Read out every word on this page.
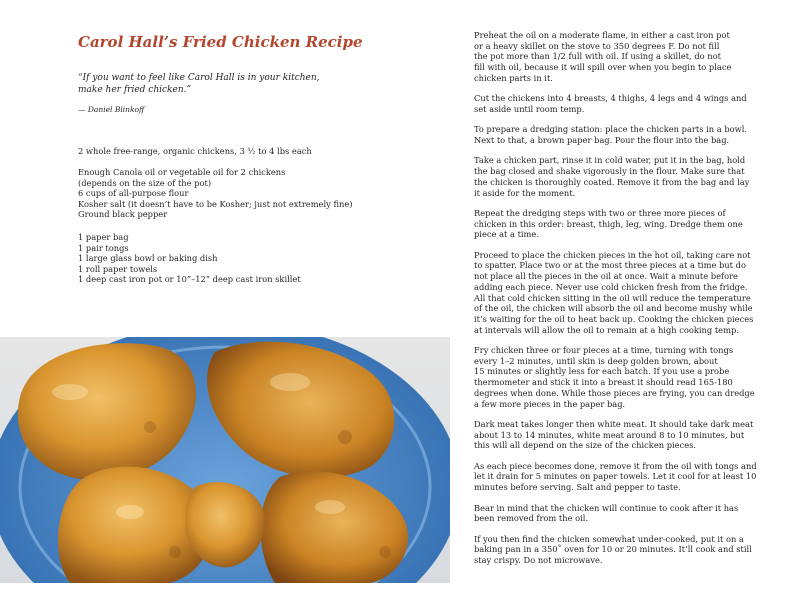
Carol Hall’s Fried Chicken Recipe
“If you want to feel like Carol Hall is in your kitchen,
make her fried chicken.”
— Daniel Blinkoff
2 whole free-range, organic chickens, 3 ½ to 4 lbs each
Enough Canola oil or vegetable oil for 2 chickens
(depends on the size of the pot)
6 cups of all-purpose flour
Kosher salt (it doesn’t have to be Kosher; just not extremely fine)
Ground black pepper
1 paper bag
1 pair tongs
1 large glass bowl or baking dish
1 roll paper towels
1 deep cast iron pot or 10”–12” deep cast iron skillet

Preheat the oil on a moderate flame, in either a cast iron pot
or a heavy skillet on the stove to 350 degrees F. Do not fill
the pot more than 1/2 full with oil. If using a skillet, do not
fill with oil, because it will spill over when you begin to place
chicken parts in it.

Cut the chickens into 4 breasts, 4 thighs, 4 legs and 4 wings and
set aside until room temp.

To prepare a dredging station: place the chicken parts in a bowl.
Next to that, a brown paper bag. Pour the flour into the bag.

Take a chicken part, rinse it in cold water, put it in the bag, hold
the bag closed and shake vigorously in the flour. Make sure that
the chicken is thoroughly coated. Remove it from the bag and lay
it aside for the moment.

Repeat the dredging steps with two or three more pieces of
chicken in this order: breast, thigh, leg, wing. Dredge them one
piece at a time.

Proceed to place the chicken pieces in the hot oil, taking care not
to spatter. Place two or at the most three pieces at a time but do
not place all the pieces in the oil at once. Wait a minute before
adding each piece. Never use cold chicken fresh from the fridge.
All that cold chicken sitting in the oil will reduce the temperature
of the oil, the chicken will absorb the oil and become mushy while
it’s waiting for the oil to heat back up. Cooking the chicken pieces
at intervals will allow the oil to remain at a high cooking temp.

Fry chicken three or four pieces at a time, turning with tongs
every 1–2 minutes, until skin is deep golden brown, about
15 minutes or slightly less for each batch. If you use a probe
thermometer and stick it into a breast it should read 165-180
degrees when done. While those pieces are frying, you can dredge
a few more pieces in the paper bag.

Dark meat takes longer then white meat. It should take dark meat
about 13 to 14 minutes, white meat around 8 to 10 minutes, but
this will all depend on the size of the chicken pieces.

As each piece becomes done, remove it from the oil with tongs and
let it drain for 5 minutes on paper towels. Let it cool for at least 10
minutes before serving. Salt and pepper to taste.

Bear in mind that the chicken will continue to cook after it has
been removed from the oil.

If you then find the chicken somewhat under-cooked, put it on a
baking pan in a 350˚ oven for 10 or 20 minutes. It’ll cook and still
stay crispy. Do not microwave.
